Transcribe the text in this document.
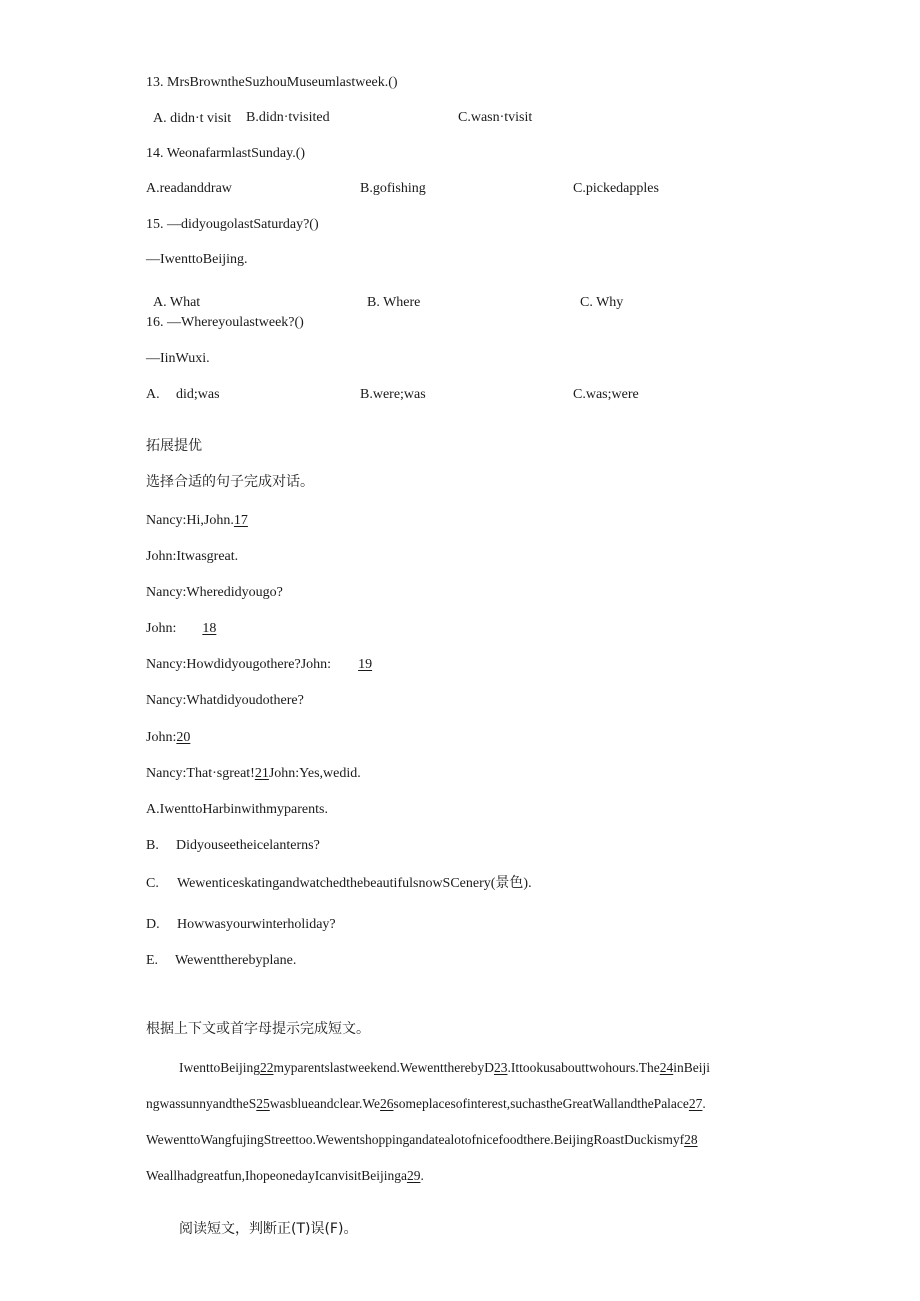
13. MrsBrowntheSuzhouMuseumlastweek.()
A. didn·t visit B.didn·tvisited	C.wasn·tvisit
14. WeonafarmlastSunday.()
A.readanddraw	B.gofishing	C.pickedapples
15. —didyougolastSaturday?()
—IwenttoBeijing.
A. What	B. Where	C. Why
16. —Whereyoulastweek?()
—IinWuxi.
A. did;was	B.were;was	C.was;were
拓展提优
选择合适的句子完成对话。
Nancy:Hi,John.17
John:Itwasgreat.
Nancy:Wheredidyougo?
John: 18
Nancy:Howdidyougothere?John: 19
Nancy:Whatdidyoudothere?
John:20
Nancy:That·sgreat!21John:Yes,wedid.
A.IwenttoHarbinwithmyparents.
B. Didyouseetheicelanterns?
C. WewenticeskatingandwatchedthebeautifulsnowSCenery(景色).
D. Howwasyourwinterholiday?
E. Wewenttherebyplane.
根据上下文或首字母提示完成短文。
IwenttoBeijing22myparentslastweekend.WewenttherebyD23.Ittookusabouttwohours.The24inBeiji
ngwassunnyandtheS25wasblueandclear.We26someplacesofinterest,suchastheGreatWallandthePalace27.
WewenttoWangfujingStreettoo.Wewentshoppingandatealotofnicefoodthere.BeijingRoastDuckismyf28
Weallhadgreatfun,IhopeonedayIcanvisitBeijinga29.
阅读短文，判断正(T)误(F)。
